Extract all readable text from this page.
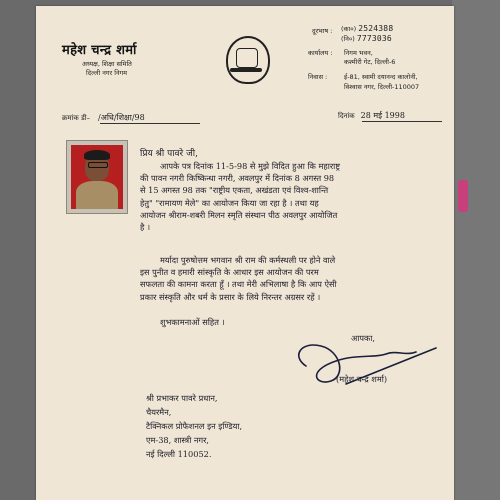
महेश चन्द्र शर्मा
अध्यक्ष, शिक्षा समिति
दिल्ली नगर निगम
दूरभाष : (का०) 2524388
(नि०) 7773036
कार्यालय : निगम भवन,
कश्मीरी गेट, दिल्ली-6
निवास :	ई-81, स्वामी दयानन्द कालोनी,
विश्वास नगर, दिल्ली-110007
क्रमांक डी– /अधि/शिक्षा/98	दिनांक 28 मई 1998
प्रिय श्री पावरे जी,
आपके पत्र दिनांक 11-5-98 से मुझे विदित हुआ कि महाराष्ट्र
की पावन नगरी किष्किन्धा नगरी, अवलपुर में दिनांक 8 अगस्त 98
से 15 अगस्त 98 तक "राष्ट्रीय एकता, अखंडता एवं विश्व-शान्ति
हेतु" "रामायण मेले" का आयोजन किया जा रहा है । तथा यह
आयोजन श्रीराम-शबरी मिलन स्मृति संस्थान पीठ अवलपुर आयोजित
है ।
मर्यादा पुरुषोत्तम भगवान श्री राम की कर्मस्थली पर होने वाले
इस पुनीत व हमारी सांस्कृति के आधार इस आयोजन की परम
सफलता की कामना करता हूँ । तथा मेरी अभिलाषा है कि आप ऐसी
प्रकार संस्कृति और धर्म के प्रसार के लिये निरन्तर अग्रसर रहें ।
शुभकामनाओं सहित ।
आपका,
(महेश चन्द्र शर्मा)
श्री प्रभाकर पावरे प्रधान,
चैयरमैन,
टैक्निकल प्रोफैशनल इन इण्डिया,
एम-38, शास्त्री नगर,
नई दिल्ली 110052.
